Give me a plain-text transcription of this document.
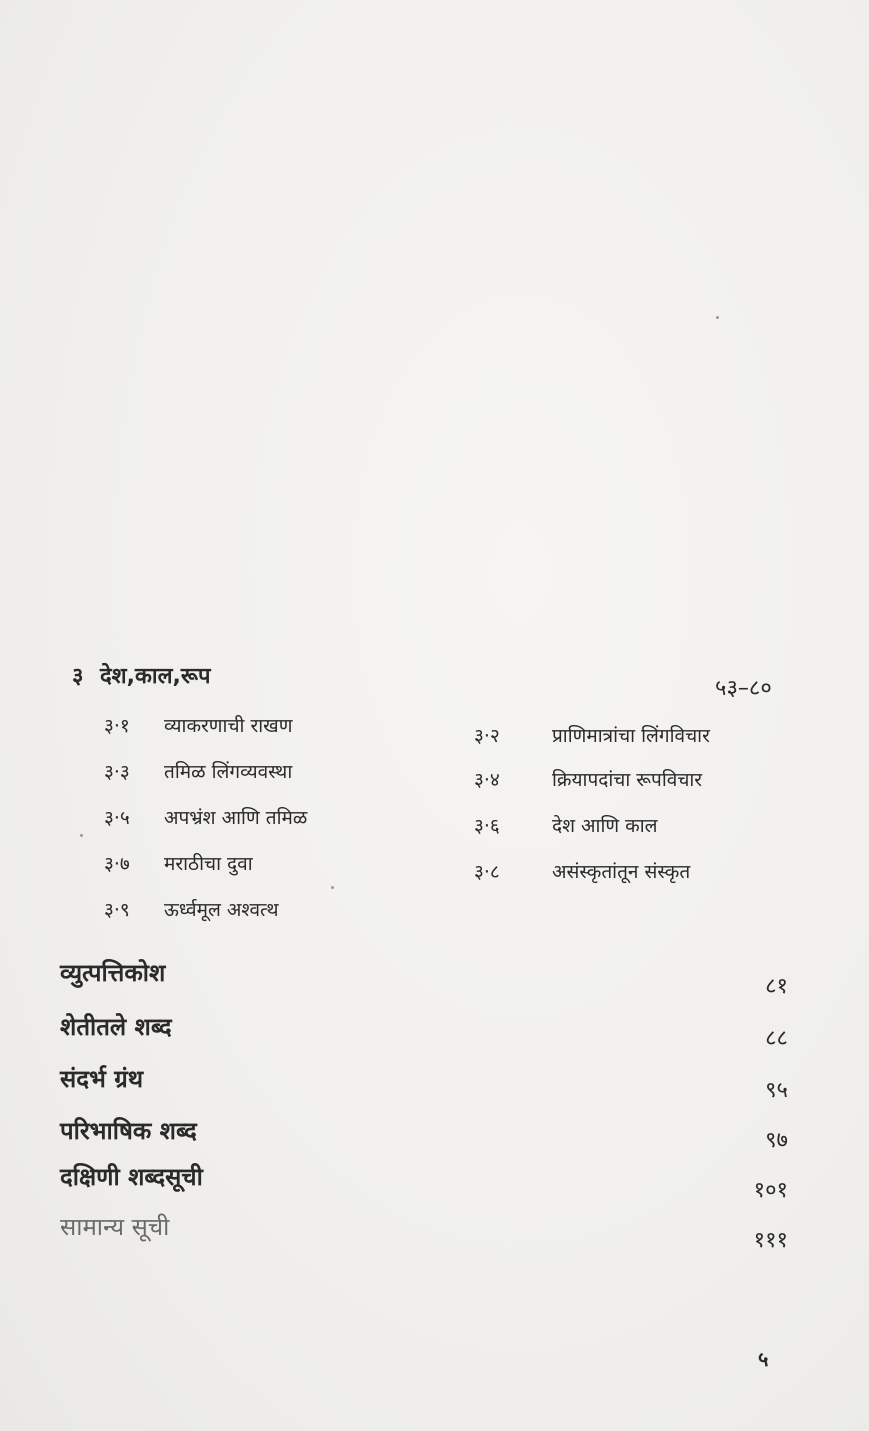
३ देश,काल,रूप	५३–८०
३·१ व्याकरणाची राखण
३·३ तमिळ लिंगव्यवस्था
३·५ अपभ्रंश आणि तमिळ
३·७ मराठीचा दुवा
३·९ ऊर्ध्वमूल अश्वत्थ
३·२	प्राणिमात्रांचा लिंगविचार
३·४	क्रियापदांचा रूपविचार
३·६	देश आणि काल
३·८	असंस्कृतांतून संस्कृत
व्युत्पत्तिकोश	८१
शेतीतले शब्द	८८
संदर्भ ग्रंथ	९५
परिभाषिक शब्द	९७
दक्षिणी शब्दसूची	१०१
सामान्य सूची	१११
५
